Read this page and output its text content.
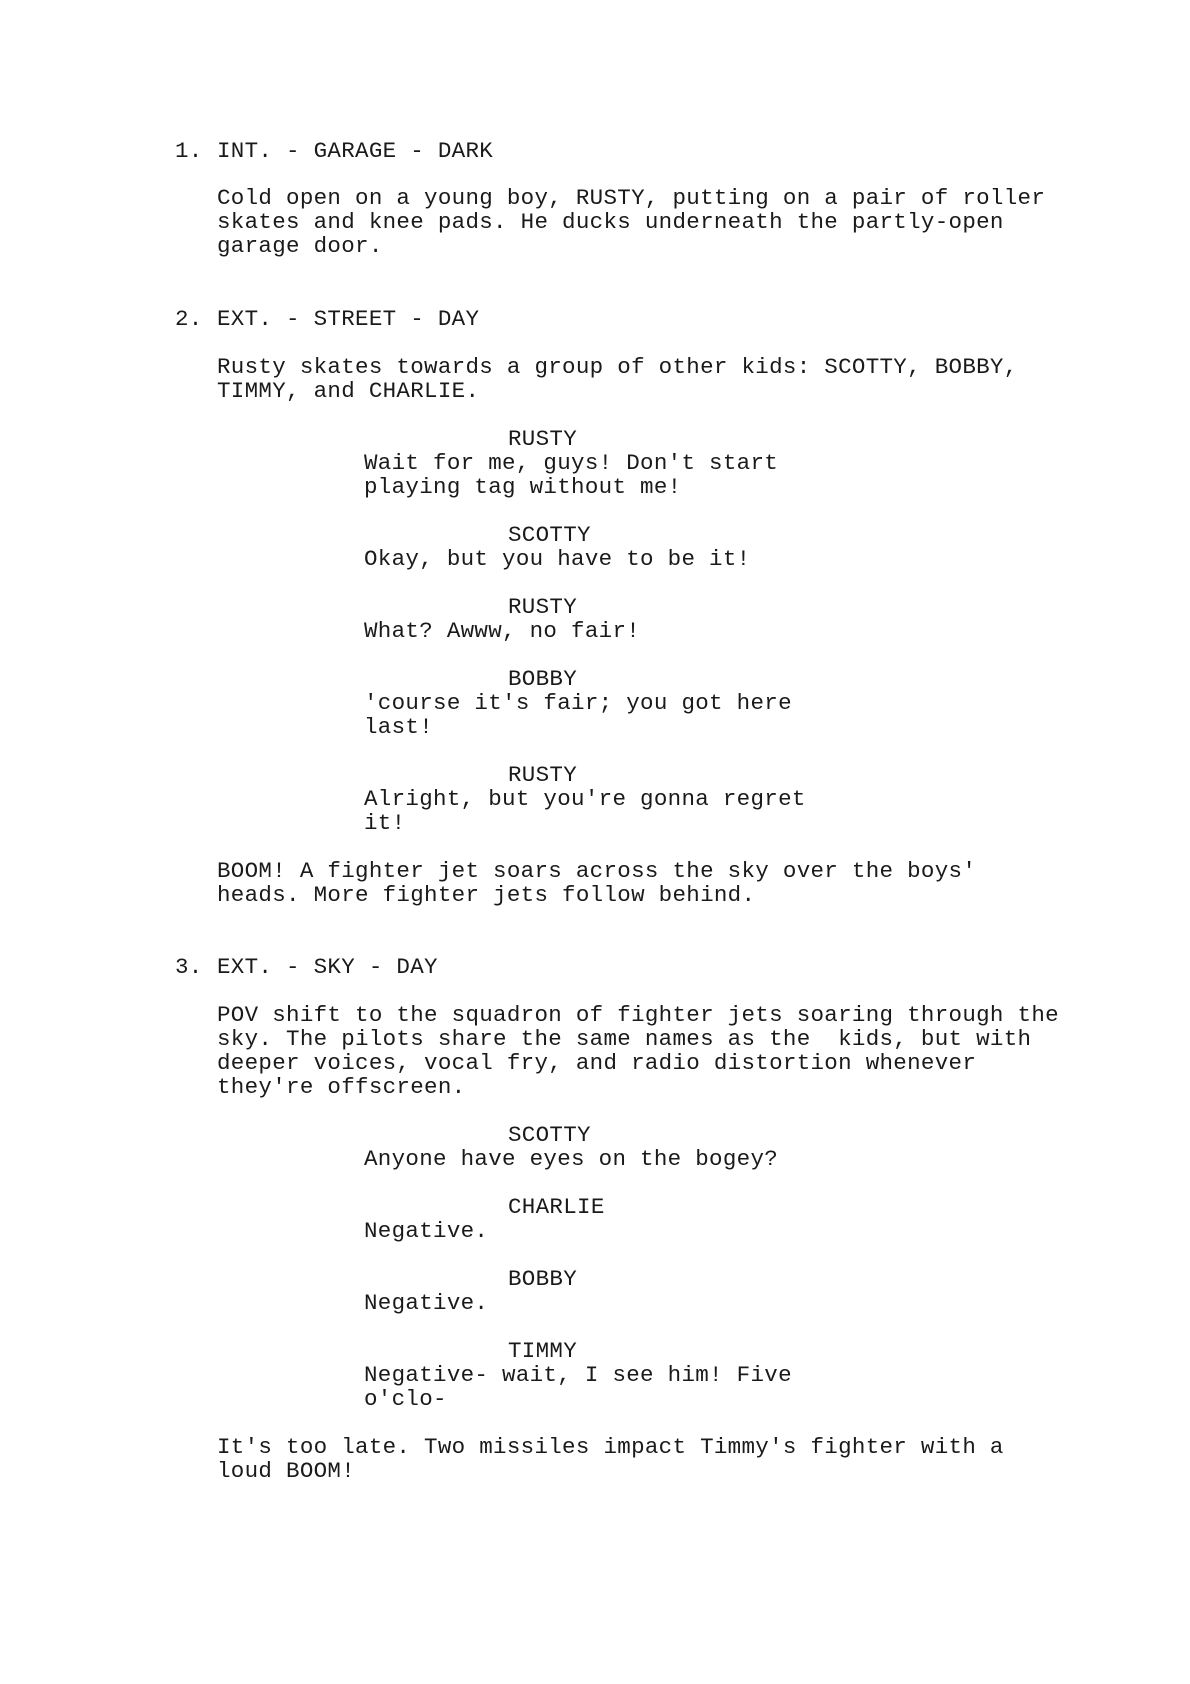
1. INT. - GARAGE - DARK
Cold open on a young boy, RUSTY, putting on a pair of roller
skates and knee pads. He ducks underneath the partly-open
garage door.
2. EXT. - STREET - DAY
Rusty skates towards a group of other kids: SCOTTY, BOBBY,
TIMMY, and CHARLIE.
RUSTY
Wait for me, guys! Don't start
playing tag without me!
SCOTTY
Okay, but you have to be it!
RUSTY
What? Awww, no fair!
BOBBY
'course it's fair; you got here
last!
RUSTY
Alright, but you're gonna regret
it!
BOOM! A fighter jet soars across the sky over the boys'
heads. More fighter jets follow behind.
3. EXT. - SKY - DAY
POV shift to the squadron of fighter jets soaring through the
sky. The pilots share the same names as the  kids, but with
deeper voices, vocal fry, and radio distortion whenever
they're offscreen.
SCOTTY
Anyone have eyes on the bogey?
CHARLIE
Negative.
BOBBY
Negative.
TIMMY
Negative- wait, I see him! Five
o'clo-
It's too late. Two missiles impact Timmy's fighter with a
loud BOOM!
